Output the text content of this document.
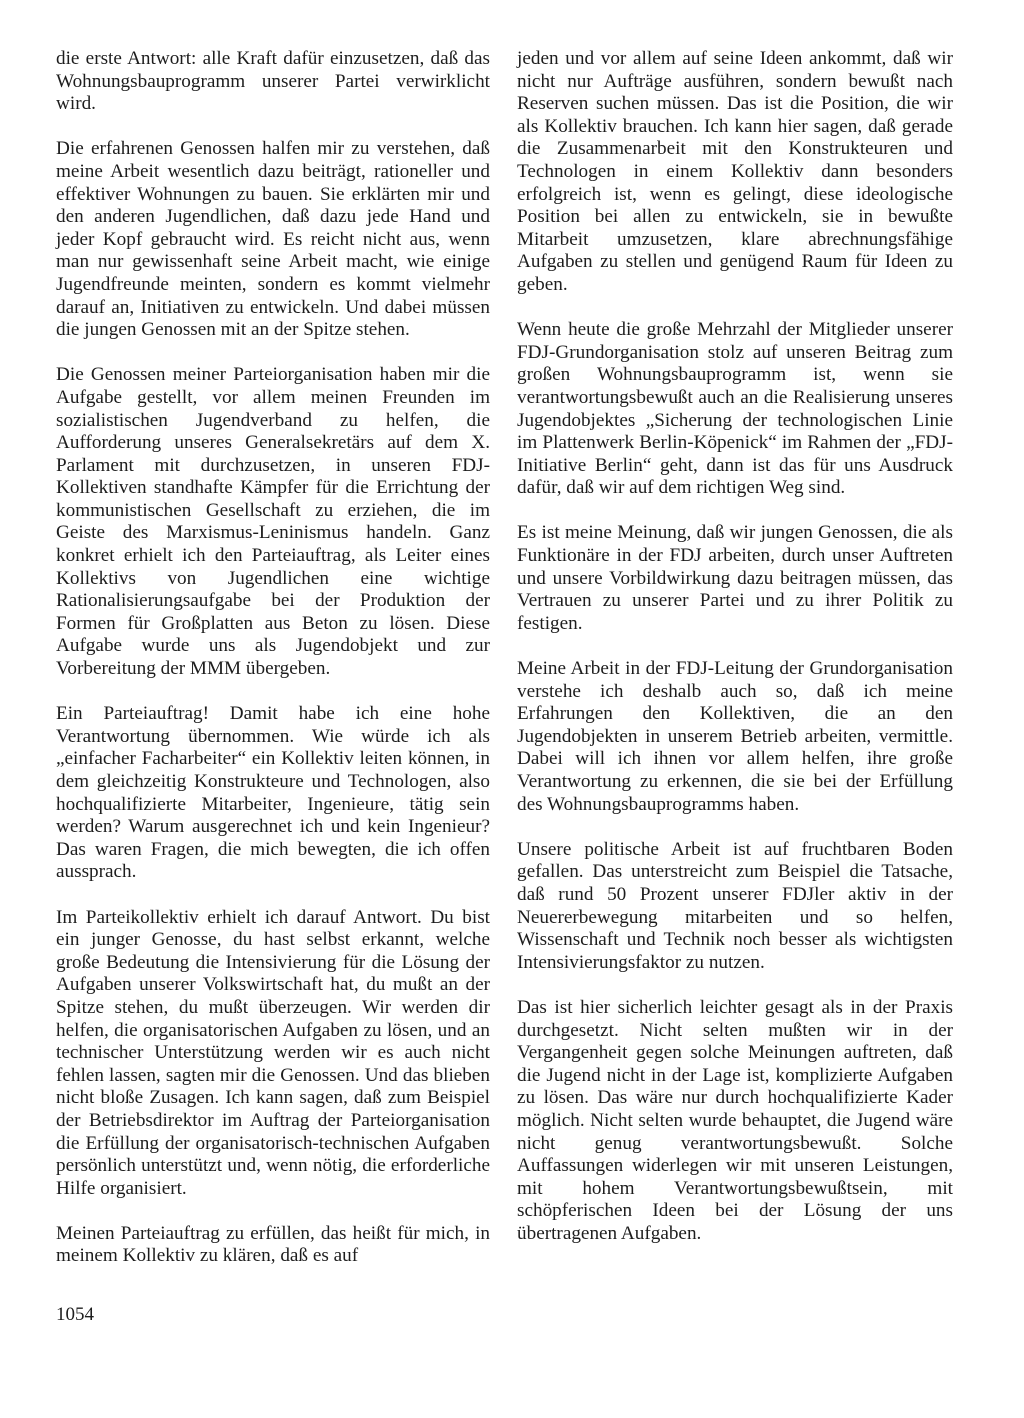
die erste Antwort: alle Kraft dafür einzusetzen, daß das Wohnungsbauprogramm unserer Partei verwirklicht wird.

Die erfahrenen Genossen halfen mir zu verstehen, daß meine Arbeit wesentlich dazu beiträgt, rationeller und effektiver Wohnungen zu bauen. Sie erklärten mir und den anderen Jugendlichen, daß dazu jede Hand und jeder Kopf gebraucht wird. Es reicht nicht aus, wenn man nur gewissenhaft seine Arbeit macht, wie einige Jugendfreunde meinten, sondern es kommt vielmehr darauf an, Initiativen zu entwickeln. Und dabei müssen die jungen Genossen mit an der Spitze stehen.

Die Genossen meiner Parteiorganisation haben mir die Aufgabe gestellt, vor allem meinen Freunden im sozialistischen Jugendverband zu helfen, die Aufforderung unseres Generalsekretärs auf dem X. Parlament mit durchzusetzen, in unseren FDJ-Kollektiven standhafte Kämpfer für die Errichtung der kommunistischen Gesellschaft zu erziehen, die im Geiste des Marxismus-Leninismus handeln. Ganz konkret erhielt ich den Parteiauftrag, als Leiter eines Kollektivs von Jugendlichen eine wichtige Rationalisierungsaufgabe bei der Produktion der Formen für Großplatten aus Beton zu lösen. Diese Aufgabe wurde uns als Jugendobjekt und zur Vorbereitung der MMM übergeben.

Ein Parteiauftrag! Damit habe ich eine hohe Verantwortung übernommen. Wie würde ich als „einfacher Facharbeiter“ ein Kollektiv leiten können, in dem gleichzeitig Konstrukteure und Technologen, also hochqualifizierte Mitarbeiter, Ingenieure, tätig sein werden? Warum ausgerechnet ich und kein Ingenieur? Das waren Fragen, die mich bewegten, die ich offen aussprach.

Im Parteikollektiv erhielt ich darauf Antwort. Du bist ein junger Genosse, du hast selbst erkannt, welche große Bedeutung die Intensivierung für die Lösung der Aufgaben unserer Volkswirtschaft hat, du mußt an der Spitze stehen, du mußt überzeugen. Wir werden dir helfen, die organisatorischen Aufgaben zu lösen, und an technischer Unterstützung werden wir es auch nicht fehlen lassen, sagten mir die Genossen. Und das blieben nicht bloße Zusagen. Ich kann sagen, daß zum Beispiel der Betriebsdirektor im Auftrag der Parteiorganisation die Erfüllung der organisatorisch-technischen Aufgaben persönlich unterstützt und, wenn nötig, die erforderliche Hilfe organisiert.

Meinen Parteiauftrag zu erfüllen, das heißt für mich, in meinem Kollektiv zu klären, daß es auf

jeden und vor allem auf seine Ideen ankommt, daß wir nicht nur Aufträge ausführen, sondern bewußt nach Reserven suchen müssen. Das ist die Position, die wir als Kollektiv brauchen. Ich kann hier sagen, daß gerade die Zusammenarbeit mit den Konstrukteuren und Technologen in einem Kollektiv dann besonders erfolgreich ist, wenn es gelingt, diese ideologische Position bei allen zu entwickeln, sie in bewußte Mitarbeit umzusetzen, klare abrechnungsfähige Aufgaben zu stellen und genügend Raum für Ideen zu geben.

Wenn heute die große Mehrzahl der Mitglieder unserer FDJ-Grundorganisation stolz auf unseren Beitrag zum großen Wohnungsbauprogramm ist, wenn sie verantwortungsbewußt auch an die Realisierung unseres Jugendobjektes „Sicherung der technologischen Linie im Plattenwerk Berlin-Köpenick“ im Rahmen der „FDJ-Initiative Berlin“ geht, dann ist das für uns Ausdruck dafür, daß wir auf dem richtigen Weg sind.

Es ist meine Meinung, daß wir jungen Genossen, die als Funktionäre in der FDJ arbeiten, durch unser Auftreten und unsere Vorbildwirkung dazu beitragen müssen, das Vertrauen zu unserer Partei und zu ihrer Politik zu festigen.

Meine Arbeit in der FDJ-Leitung der Grundorganisation verstehe ich deshalb auch so, daß ich meine Erfahrungen den Kollektiven, die an den Jugendobjekten in unserem Betrieb arbeiten, vermittle. Dabei will ich ihnen vor allem helfen, ihre große Verantwortung zu erkennen, die sie bei der Erfüllung des Wohnungsbauprogramms haben.

Unsere politische Arbeit ist auf fruchtbaren Boden gefallen. Das unterstreicht zum Beispiel die Tatsache, daß rund 50 Prozent unserer FDJler aktiv in der Neuererbewegung mitarbeiten und so helfen, Wissenschaft und Technik noch besser als wichtigsten Intensivierungsfaktor zu nutzen.

Das ist hier sicherlich leichter gesagt als in der Praxis durchgesetzt. Nicht selten mußten wir in der Vergangenheit gegen solche Meinungen auftreten, daß die Jugend nicht in der Lage ist, komplizierte Aufgaben zu lösen. Das wäre nur durch hochqualifizierte Kader möglich. Nicht selten wurde behauptet, die Jugend wäre nicht genug verantwortungsbewußt. Solche Auffassungen widerlegen wir mit unseren Leistungen, mit hohem Verantwortungsbewußtsein, mit schöpferischen Ideen bei der Lösung der uns übertragenen Aufgaben.

1054
